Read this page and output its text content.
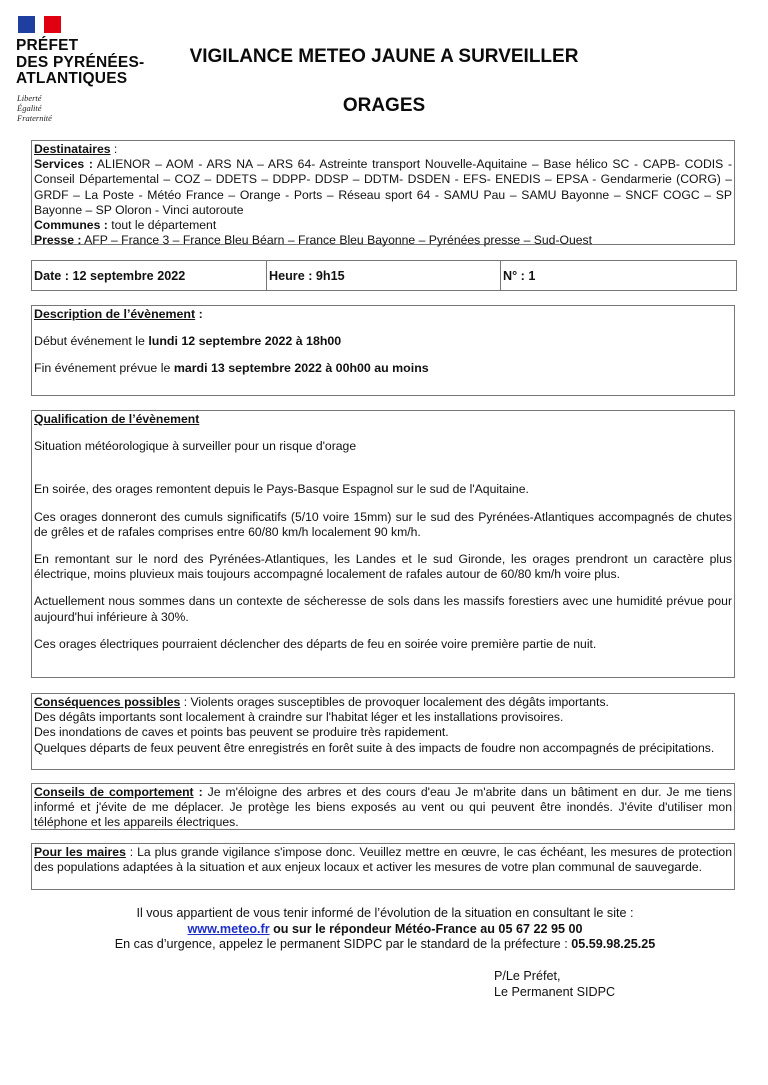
PRÉFET
DES PYRÉNÉES-
ATLANTIQUES
Liberté
Égalité
Fraternité
VIGILANCE METEO JAUNE A SURVEILLER
ORAGES

Destinataires :

Services : ALIENOR – AOM - ARS NA – ARS 64- Astreinte transport Nouvelle-Aquitaine – Base hélico SC - CAPB- CODIS - Conseil Départemental – COZ – DDETS – DDPP- DDSP – DDTM- DSDEN - EFS- ENEDIS – EPSA - Gendarmerie (CORG) – GRDF – La Poste - Météo France – Orange - Ports – Réseau sport 64 - SAMU Pau – SAMU Bayonne – SNCF COGC – SP Bayonne – SP Oloron - Vinci autoroute

Communes : tout le département

Presse : AFP – France 3 – France Bleu Béarn – France Bleu Bayonne – Pyrénées presse – Sud-Ouest

Date : 12 septembre 2022	Heure : 9h15	N° : 1

Description de l’évènement :

Début événement le lundi 12 septembre 2022 à 18h00

Fin événement prévue le mardi 13 septembre 2022 à 00h00 au moins

Qualification de l’évènement

Situation météorologique à surveiller pour un risque d'orage

En soirée, des orages remontent depuis le Pays-Basque Espagnol sur le sud de l'Aquitaine.

Ces orages donneront des cumuls significatifs (5/10 voire 15mm) sur le sud des Pyrénées-Atlantiques accompagnés de chutes de grêles et de rafales comprises entre 60/80 km/h localement 90 km/h.

En remontant sur le nord des Pyrénées-Atlantiques, les Landes et le sud Gironde, les orages prendront un caractère plus électrique, moins pluvieux mais toujours accompagné localement de rafales autour de 60/80 km/h voire plus.

Actuellement nous sommes dans un contexte de sécheresse de sols dans les massifs forestiers avec une humidité prévue pour aujourd'hui inférieure à 30%.

Ces orages électriques pourraient déclencher des départs de feu en soirée voire première partie de nuit.

Conséquences possibles : Violents orages susceptibles de provoquer localement des dégâts importants.

Des dégâts importants sont localement à craindre sur l'habitat léger et les installations provisoires.

Des inondations de caves et points bas peuvent se produire très rapidement.

Quelques départs de feux peuvent être enregistrés en forêt suite à des impacts de foudre non accompagnés de précipitations.

Conseils de comportement : Je m'éloigne des arbres et des cours d'eau Je m'abrite dans un bâtiment en dur. Je me tiens informé et j'évite de me déplacer. Je protège les biens exposés au vent ou qui peuvent être inondés. J'évite d'utiliser mon téléphone et les appareils électriques.

Pour les maires : La plus grande vigilance s'impose donc. Veuillez mettre en œuvre, le cas échéant, les mesures de protection des populations adaptées à la situation et aux enjeux locaux et activer les mesures de votre plan communal de sauvegarde.

Il vous appartient de vous tenir informé de l’évolution de la situation en consultant le site :
www.meteo.fr ou sur le répondeur Météo-France au 05 67 22 95 00
En cas d’urgence, appelez le permanent SIDPC par le standard de la préfecture : 05.59.98.25.25
P/Le Préfet,
Le Permanent SIDPC
